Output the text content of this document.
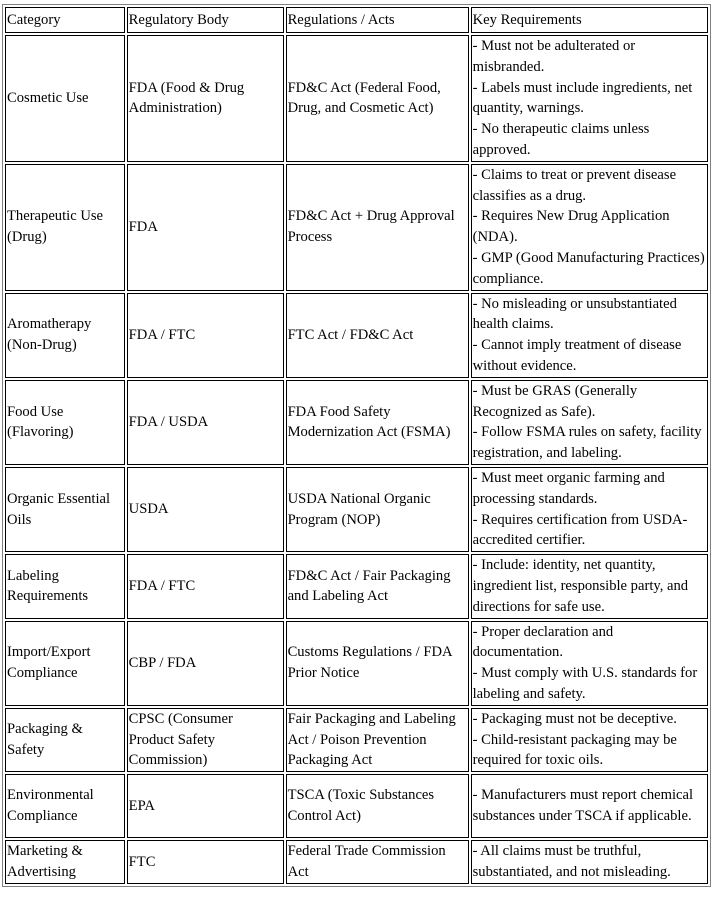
Category	Regulatory Body	Regulations / Acts	Key Requirements
Cosmetic Use	FDA (Food & Drug Administration)	FD&C Act (Federal Food, Drug, and Cosmetic Act)	- Must not be adulterated or misbranded.
- Labels must include ingredients, net quantity, warnings.
- No therapeutic claims unless approved.

Therapeutic Use (Drug)	FDA	FD&C Act + Drug Approval Process	- Claims to treat or prevent disease classifies as a drug.
- Requires New Drug Application (NDA).
- GMP (Good Manufacturing Practices) compliance.

Aromatherapy (Non-Drug)	FDA / FTC	FTC Act / FD&C Act	- No misleading or unsubstantiated health claims.
- Cannot imply treatment of disease without evidence.

Food Use (Flavoring)	FDA / USDA	FDA Food Safety Modernization Act (FSMA)	- Must be GRAS (Generally Recognized as Safe).
- Follow FSMA rules on safety, facility registration, and labeling.

Organic Essential Oils	USDA	USDA National Organic Program (NOP)	- Must meet organic farming and processing standards.
- Requires certification from USDA-accredited certifier.

Labeling Requirements	FDA / FTC	FD&C Act / Fair Packaging and Labeling Act	- Include: identity, net quantity, ingredient list, responsible party, and directions for safe use.

Import/Export Compliance	CBP / FDA	Customs Regulations / FDA Prior Notice	- Proper declaration and documentation.
- Must comply with U.S. standards for labeling and safety.

Packaging & Safety	CPSC (Consumer Product Safety Commission)	Fair Packaging and Labeling Act / Poison Prevention Packaging Act	- Packaging must not be deceptive.
- Child-resistant packaging may be required for toxic oils.

Environmental Compliance	EPA	TSCA (Toxic Substances Control Act)	- Manufacturers must report chemical substances under TSCA if applicable.

Marketing & Advertising	FTC	Federal Trade Commission Act	- All claims must be truthful, substantiated, and not misleading.
